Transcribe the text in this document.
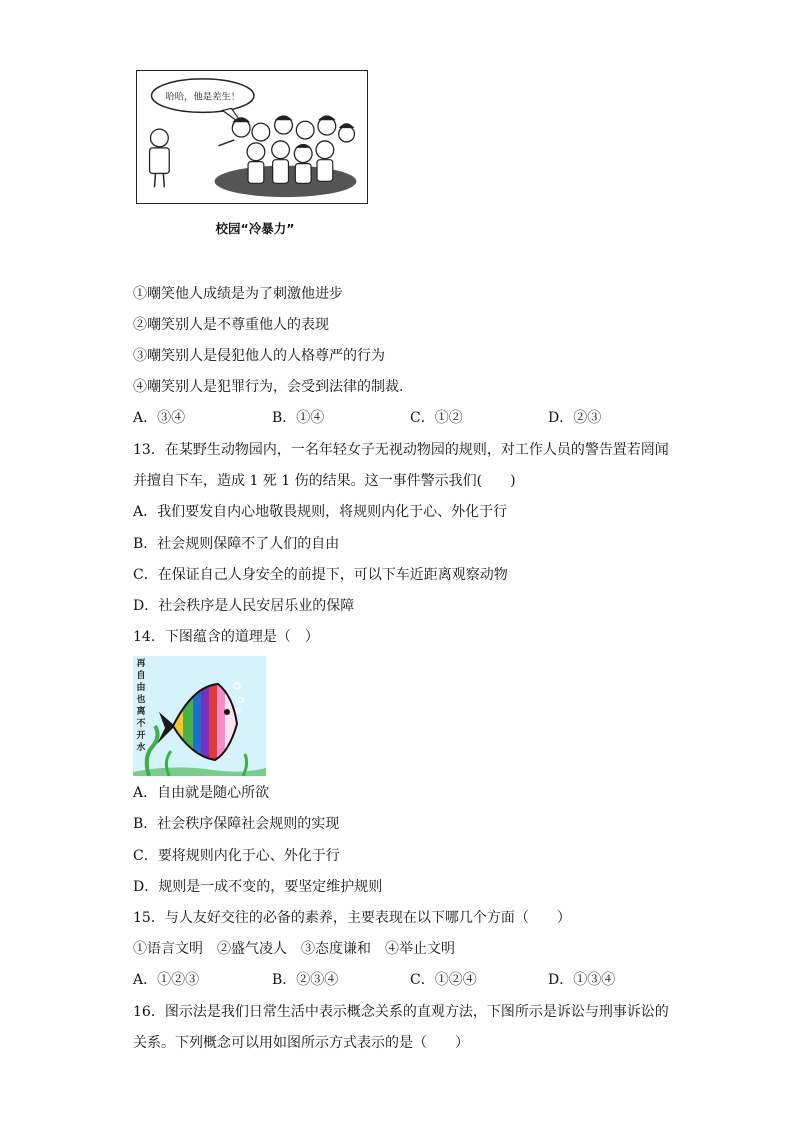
哈哈，他是差生！
校园“冷暴力”
①嘲笑他人成绩是为了刺激他进步
②嘲笑别人是不尊重他人的表现
③嘲笑别人是侵犯他人的人格尊严的行为
④嘲笑别人是犯罪行为，会受到法律的制裁.
A．③④	B．①④	C．①②	D．②③
13．在某野生动物园内，一名年轻女子无视动物园的规则，对工作人员的警告置若罔闻
并擅自下车，造成 1 死 1 伤的结果。这一事件警示我们(　　)
A．我们要发自内心地敬畏规则，将规则内化于心、外化于行
B．社会规则保障不了人们的自由
C．在保证自己人身安全的前提下，可以下车近距离观察动物
D．社会秩序是人民安居乐业的保障
14．下图蕴含的道理是（　）
再
自
由
也
离
不
开
水
A．自由就是随心所欲
B．社会秩序保障社会规则的实现
C．要将规则内化于心、外化于行
D．规则是一成不变的，要坚定维护规则
15．与人友好交往的必备的素养，主要表现在以下哪几个方面（　　）
①语言文明　②盛气凌人　③态度谦和　④举止文明
A．①②③	B．②③④	C．①②④	D．①③④
16．图示法是我们日常生活中表示概念关系的直观方法，下图所示是诉讼与刑事诉讼的
关系。下列概念可以用如图所示方式表示的是（　　）
